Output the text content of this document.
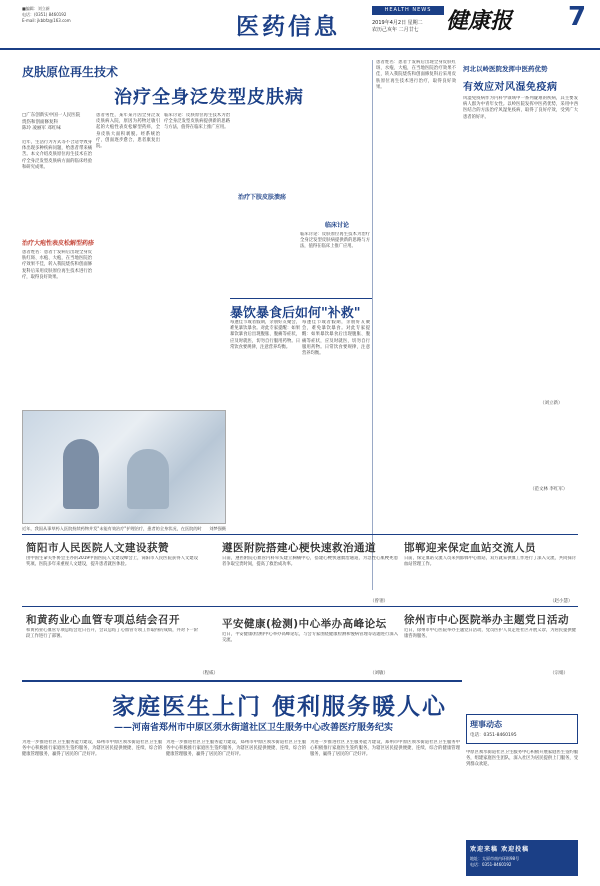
■编辑：刘立新
电话：(0351) 8460192
E-mail: jkbbfz@163.com	医药信息
HEALTH NEWS
2019年4月2日 星期二
农历己亥年 二月廿七 健康报 7
皮肤原位再生技术
治疗全身泛发型皮肤病
□广东创新实中国一人民医院
烧伤和创面修复科
陈玲 凌丽军 邓红味
近年，生活行为方式等不合适导致身体出现多种疾病问题，给患者带来痛苦。本文介绍皮肤原位再生技术在治疗全身泛发型皮肤病方面的临床经验和研究成果。
治疗大疱性表皮松解型药疹
患者姓名：患者于发病后出现全身皮肤红斑、水疱、大疱，在当地医院治疗效果不佳，转入我院烧伤和创面修复科后采用皮肤原位再生技术进行治疗，取得良好效果。
患者男性，某年某月因全身泛发皮肤病入院，原因为药物过敏引起的大疱性表皮松解型药疹，全身皮肤大面积剥脱。经系统治疗，创面逐步愈合，患者康复出院。
治疗下肢皮肤溃疡
临床讨论：皮肤原位再生技术为治疗全身泛发型皮肤病提供新的思路与方法，值得在临床上推广应用。
临床讨论
临床讨论：皮肤原位再生技术为治疗全身泛发型皮肤病提供新的思路与方法，值得在临床上推广应用。
近年，我国从事草药入医院持续药物并发"未能有效治疗"护理治疗，患者的全身状况，在医院的时 刘梦强摄
患者姓名：患者于发病后出现全身皮肤红斑、水疱、大疱，在当地医院治疗效果不佳，转入我院烧伤和创面修复科后采用皮肤原位再生技术进行治疗，取得良好效果。
河北以岭医院发挥中医药优势
有效应对风湿免疫病
风湿免疫病作为内科学领域中一系列疑难的疾病，其主要发病人群为中青年女性。以岭医院发挥中医药优势，采用中西医结合的方法治疗风湿免疫病，取得了良好疗效，受到广大患者的好评。
（刘立新）
（范文林 李红军）
暴饮暴食后如何"补救"
每逢佳节或者假期，亲朋好友聚会，难免暴饮暴食。对此专家提醒：如果暴饮暴食后出现腹胀、腹痛等症状，应及时就医，切勿自行服用药物。日常饮食要规律，注意营养均衡。
每逢佳节或者假期，亲朋好友聚会，难免暴饮暴食。对此专家提醒：如果暴饮暴食后出现腹胀、腹痛等症状，应及时就医，切勿自行服用药物。日常饮食要规律，注意营养均衡。
简阳市人民医院人文建设获赞
由中国生命关怀协会主办的2019中国医院人文建设峰会上，简阳市人民医院获得人文建设奖项。医院多年来重视人文建设，提升患者就医体验。
遵医附院搭建心梗快速救治通道
日前，遵医附院心血管内科牵头建立胸痛中心，搭建心梗快速救治通道，为急性心肌梗死患者争取宝贵时间，提高了救治成功率。
（曾翎）
邯郸迎来保定血站交流人员
日前，保定血站交流人员来到邯郸中心血站，双方就采供血工作进行了深入交流，共同探讨血站管理工作。
（赵小慧）
和黄药业心血管专项总结会召开
和黄药业心血管专项总结会近日召开，会议总结了心血管专项工作取得的成绩，并对下一阶段工作进行了部署。
（程威）
平安健康(检测)中心举办高峰论坛
近日，平安健康(检测)中心举办高峰论坛，与会专家围绕健康检测和慢病管理等话题进行深入交流。
（刘敏）
徐州市中心医院举办主题党日活动
近日，徐州市中心医院举办主题党日活动，党员医护人员走进社区开展义诊，为居民提供健康咨询服务。
（宗娟）
理事动态
电话：0351-8460195
家庭医生上门 便利服务暖人心
——河南省郑州市中原区须水街道社区卫生服务中心改善医疗服务纪实
为进一步推进社区卫生服务能力建设，郑州市中原区须水街道社区卫生服务中心积极推行家庭医生签约服务，为辖区居民提供便捷、连续、综合的健康管理服务，赢得了居民的广泛好评。
为进一步推进社区卫生服务能力建设，郑州市中原区须水街道社区卫生服务中心积极推行家庭医生签约服务，为辖区居民提供便捷、连续、综合的健康管理服务，赢得了居民的广泛好评。
为进一步推进社区卫生服务能力建设，郑州市中原区须水街道社区卫生服务中心积极推行家庭医生签约服务，为辖区居民提供便捷、连续、综合的健康管理服务，赢得了居民的广泛好评。	中原区须水街道社区卫生服务中心积极开展家庭医生签约服务，组建家庭医生团队，深入社区为居民提供上门服务，受到群众欢迎。
欢迎来稿 欢迎投稿
地址：太原市南内环街98号
电话：0351-8460192
